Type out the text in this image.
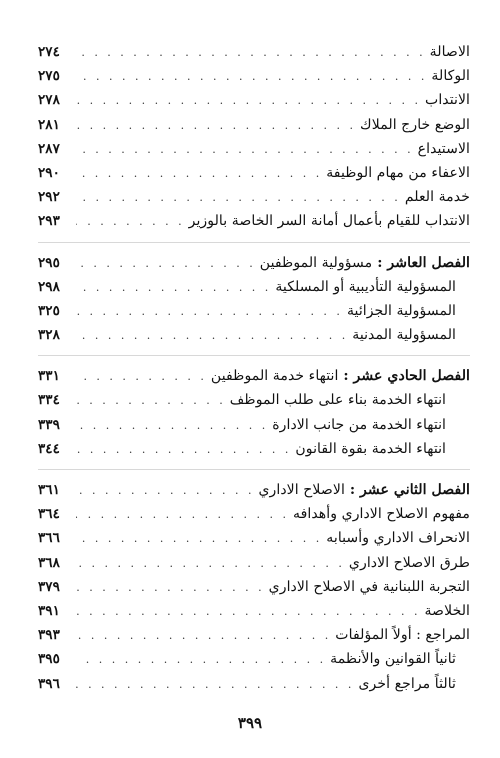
الاصالة
. . .
٢٧٤
الوكالة
. . .
٢٧٥
الانتداب
. . .
٢٧٨
الوضع خارج الملاك
. . .
٢٨١
الاستيداع
. . .
٢٨٧
الاعفاء من مهام الوظيفة
. . .
٢٩٠
خدمة العلم
. . .
٢٩٢
الانتداب للقيام بأعمال أمانة السر الخاصة بالوزير
. . .
٢٩٣
الفصل العاشر : مسؤولية الموظفين
. . .
٢٩٥
المسؤولية التأديبية أو المسلكية
. . .
٢٩٨
المسؤولية الجزائية
. . .
٣٢٥
المسؤولية المدنية
. . .
٣٢٨
الفصل الحادي عشر : انتهاء خدمة الموظفين
. . .
٣٣١
انتهاء الخدمة بناء على طلب الموظف
. . .
٣٣٤
انتهاء الخدمة من جانب الادارة
. . .
٣٣٩
انتهاء الخدمة بقوة القانون
. . .
٣٤٤
الفصل الثاني عشر : الاصلاح الاداري
. . .
٣٦١
مفهوم الاصلاح الاداري وأهدافه
. . .
٣٦٤
الانحراف الاداري وأسبابه
. . .
٣٦٦
طرق الاصلاح الاداري
. . .
٣٦٨
التجربة اللبنانية في الاصلاح الاداري
. . .
٣٧٩
الخلاصة
. . .
٣٩١
المراجع : أولاً المؤلفات
. . .
٣٩٣
ثانياً القوانين والأنظمة
. . .
٣٩٥
ثالثاً مراجع أخرى
. . .
٣٩٦
٣٩٩
